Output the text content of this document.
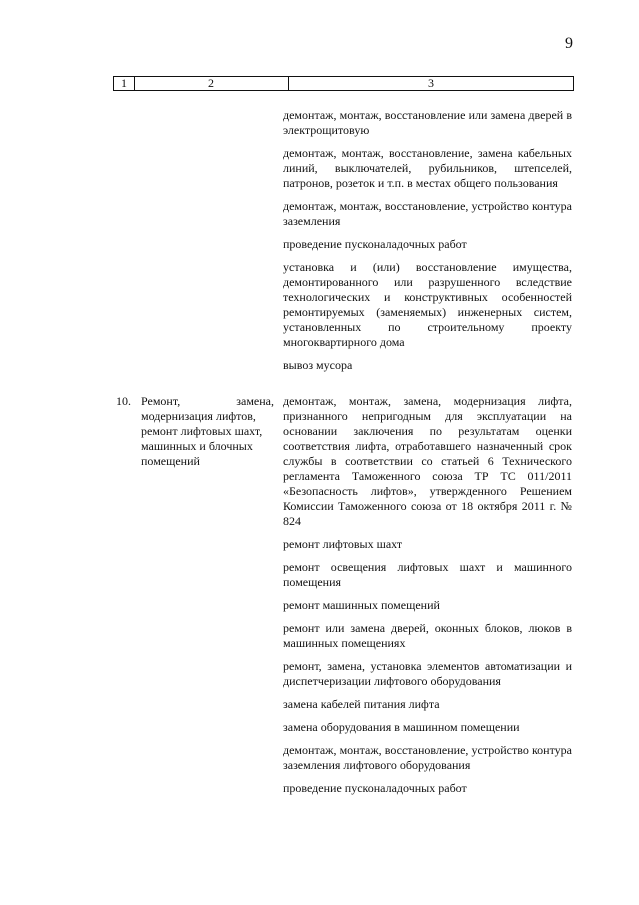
9
1	2	3
демонтаж, монтаж, восстановление или замена дверей в электрощитовую
демонтаж, монтаж, восстановление, замена кабельных линий, выключателей, рубильников, штепселей, патронов, розеток и т.п. в местах общего пользования
демонтаж, монтаж, восстановление, устройство контура заземления
проведение пусконаладочных работ
установка и (или) восстановление имущества, демонтированного или разрушенного вследствие технологических и конструктивных особенностей ремонтируемых (заменяемых) инженерных систем, установленных по строительному проекту многоквартирного дома
вывоз мусора
10. Ремонт,             замена,
модернизация лифтов,
ремонт лифтовых шахт,
машинных и блочных
помещений
демонтаж, монтаж, замена, модернизация лифта, признанного непригодным для эксплуатации на основании заключения по результатам оценки соответствия лифта, отработавшего назначенный срок службы в соответствии со статьей 6 Технического регламента Таможенного союза ТР ТС 011/2011 «Безопасность лифтов», утвержденного Решением Комиссии Таможенного союза от 18 октября 2011 г. № 824
ремонт лифтовых шахт
ремонт освещения лифтовых шахт и машинного помещения
ремонт машинных помещений
ремонт или замена дверей, оконных блоков, люков в машинных помещениях
ремонт, замена, установка элементов автоматизации и диспетчеризации лифтового оборудования
замена кабелей питания лифта
замена оборудования в машинном помещении
демонтаж, монтаж, восстановление, устройство контура заземления лифтового оборудования
проведение пусконаладочных работ
